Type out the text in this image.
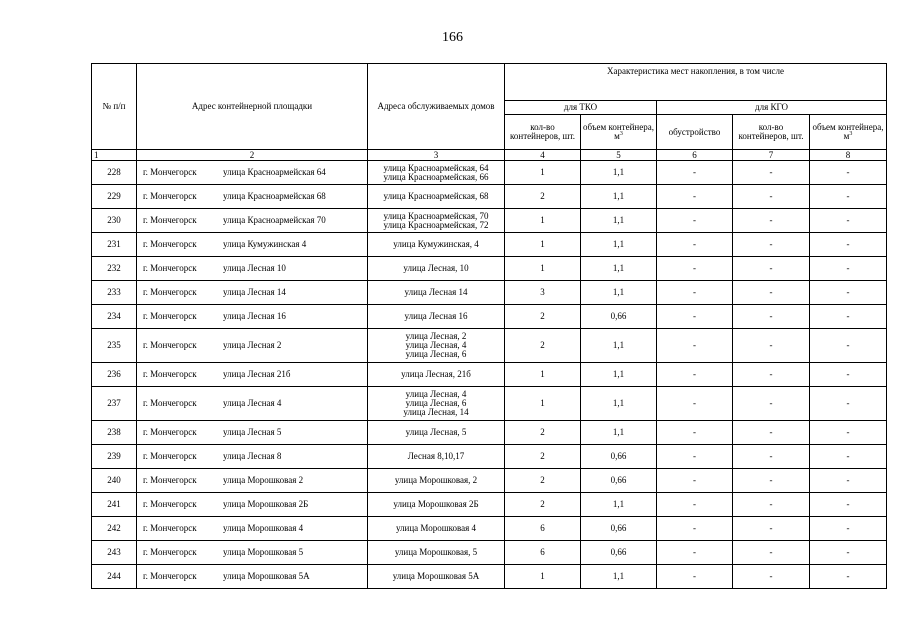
166
№ п/п	Адрес контейнерной площадки	Адреса обслуживаемых домов	Характеристика мест накопления, в том числе				
			для ТКО		для КГО		
			кол-во контейнеров, шт.	объем контейнера, $м^3$	обустройство	кол-во контейнеров, шт.	объем контейнера, $м^3$
1	2	3	4	5	6	7	8
228	г. Мончегорск улица Красноармейская 64	улица Красноармейская, 64
улица Красноармейская, 66	1	1,1	-	-	-
229	г. Мончегорск улица Красноармейская 68	улица Красноармейская, 68	2	1,1	-	-	-
230	г. Мончегорск улица Красноармейская 70	улица Красноармейская, 70
улица Красноармейская, 72	1	1,1	-	-	-
231	г. Мончегорск улица Кумужинская 4	улица Кумужинская, 4	1	1,1	-	-	-
232	г. Мончегорск улица Лесная 10	улица Лесная, 10	1	1,1	-	-	-
233	г. Мончегорск улица Лесная 14	улица Лесная 14	3	1,1	-	-	-
234	г. Мончегорск улица Лесная 16	улица Лесная 16	2	0,66	-	-	-
235	г. Мончегорск улица Лесная 2	улица Лесная, 2
улица Лесная, 4
улица Лесная, 6	2	1,1	-	-	-
236	г. Мончегорск улица Лесная 21б	улица Лесная, 21б	1	1,1	-	-	-
237	г. Мончегорск улица Лесная 4	улица Лесная, 4
улица Лесная, 6
улица Лесная, 14	1	1,1	-	-	-
238	г. Мончегорск улица Лесная 5	улица Лесная, 5	2	1,1	-	-	-
239	г. Мончегорск улица Лесная 8	Лесная 8,10,17	2	0,66	-	-	-
240	г. Мончегорск улица Морошковая 2	улица Морошковая, 2	2	0,66	-	-	-
241	г. Мончегорск улица Морошковая 2Б	улица Морошковая 2Б	2	1,1	-	-	-
242	г. Мончегорск улица Морошковая 4	улица Морошковая 4	6	0,66	-	-	-
243	г. Мончегорск улица Морошковая 5	улица Морошковая, 5	6	0,66	-	-	-
244	г. Мончегорск улица Морошковая 5А	улица Морошковая 5А	1	1,1	-	-	-
